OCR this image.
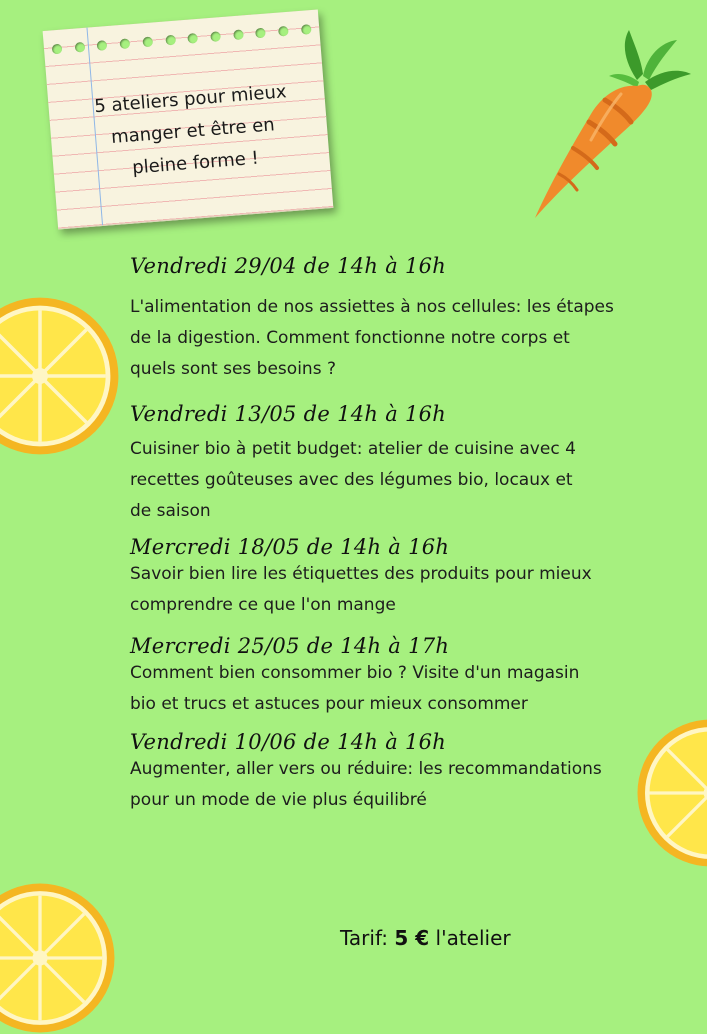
5 ateliers pour mieux
manger et être en
pleine forme !
Vendredi 29/04 de 14h à 16h

L'alimentation de nos assiettes à nos cellules: les étapes

de la digestion. Comment fonctionne notre corps et

quels sont ses besoins ?

Vendredi 13/05 de 14h à 16h

Cuisiner bio à petit budget: atelier de cuisine avec 4

recettes goûteuses avec des légumes bio, locaux et

de saison

Mercredi 18/05 de 14h à 16h

Savoir bien lire les étiquettes des produits pour mieux

comprendre ce que l'on mange

Mercredi 25/05 de 14h à 17h

Comment bien consommer bio ? Visite d'un magasin

bio et trucs et astuces pour mieux consommer

Vendredi 10/06 de 14h à 16h

Augmenter, aller vers ou réduire: les recommandations

pour un mode de vie plus équilibré

Tarif: 5 € l'atelier
